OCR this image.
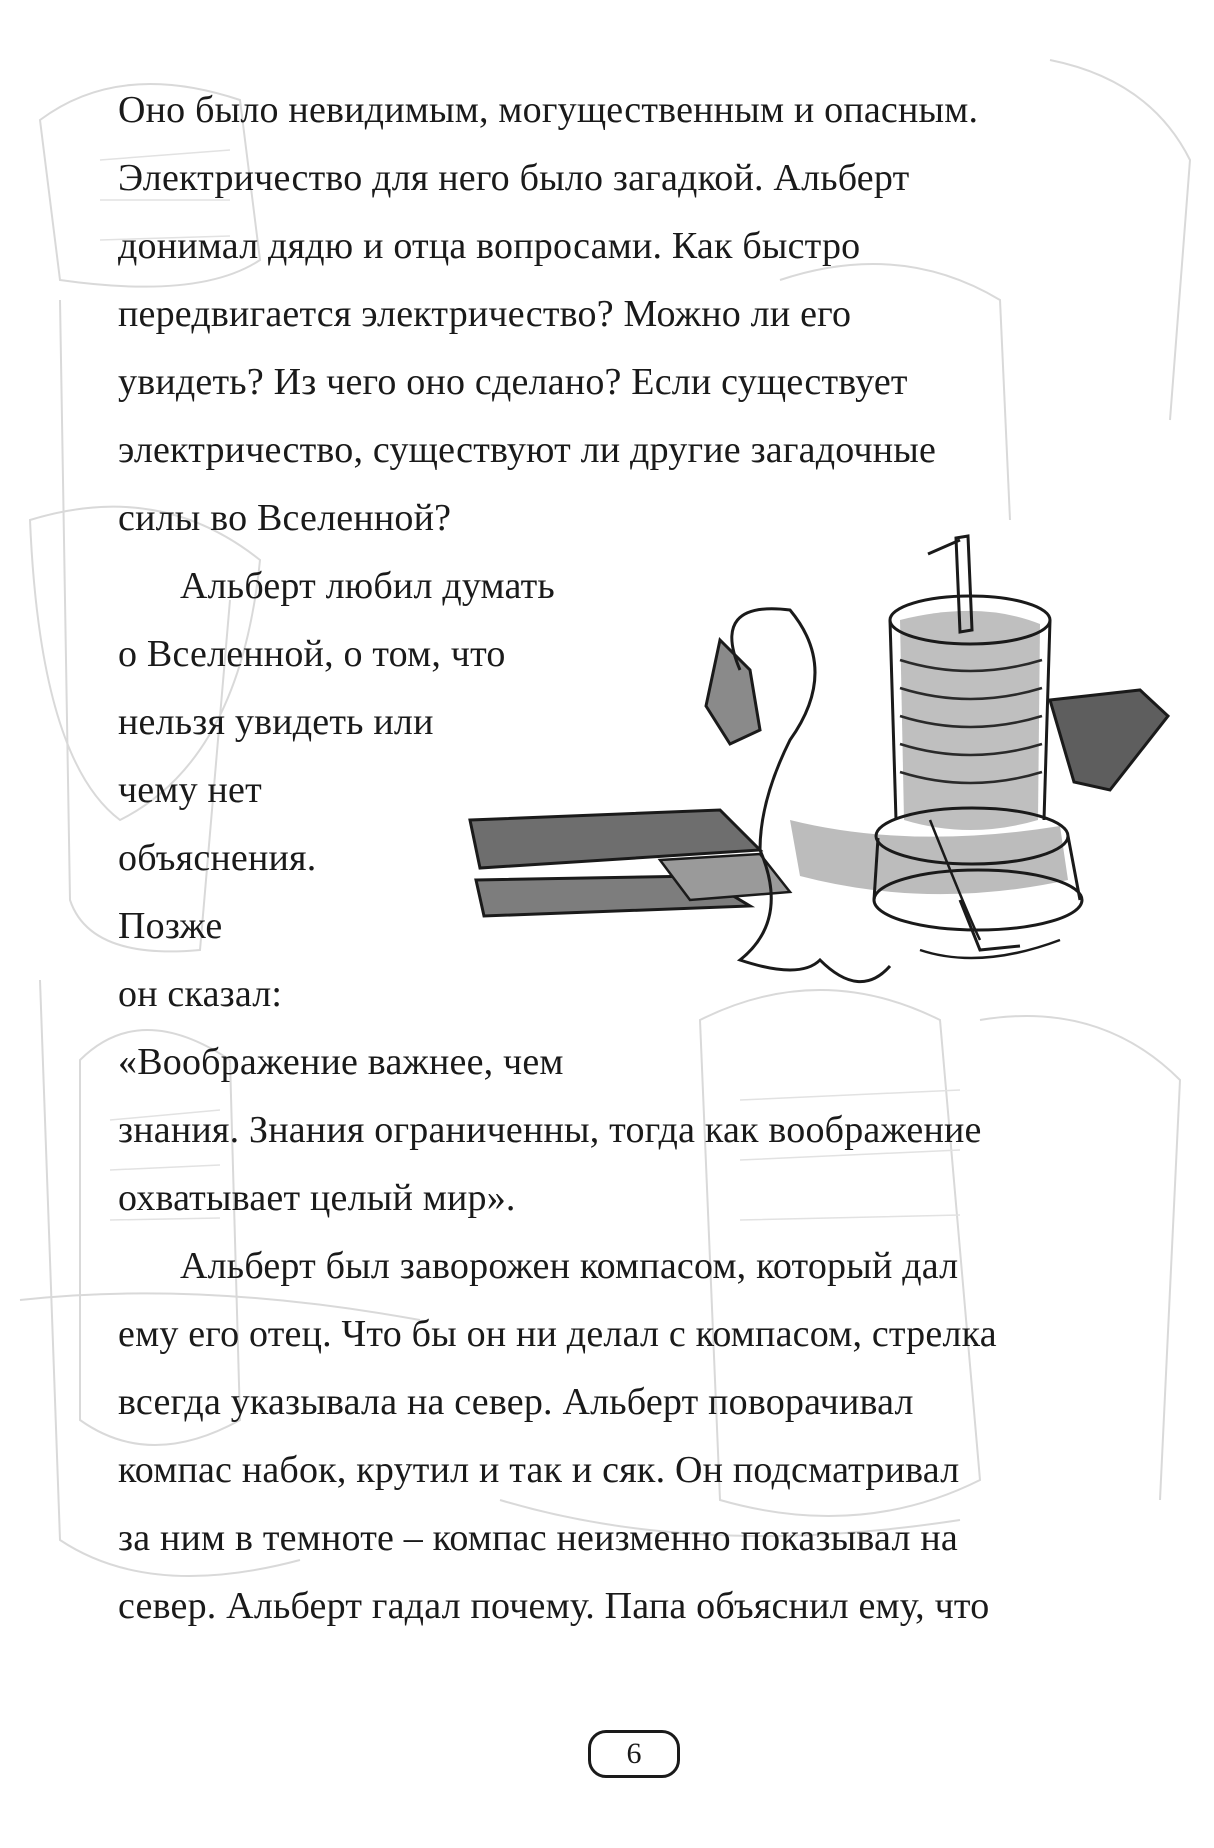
Оно было невидимым, могущественным и опасным.
Электричество для него было загадкой. Альберт
донимал дядю и отца вопросами. Как быстро
передвигается электричество? Можно ли его
увидеть? Из чего оно сделано? Если существует
электричество, существуют ли другие загадочные
силы во Вселенной?
Альберт любил думать
о Вселенной, о том, что
нельзя увидеть или
чему нет
объяснения.
Позже
он сказал:
«Воображение важнее, чем
знания. Знания ограниченны, тогда как воображение
охватывает целый мир».
Альберт был заворожен компасом, который дал
ему его отец. Что бы он ни делал с компасом, стрелка
всегда указывала на север. Альберт поворачивал
компас набок, крутил и так и сяк. Он подсматривал
за ним в темноте – компас неизменно показывал на
север. Альберт гадал почему. Папа объяснил ему, что
6
